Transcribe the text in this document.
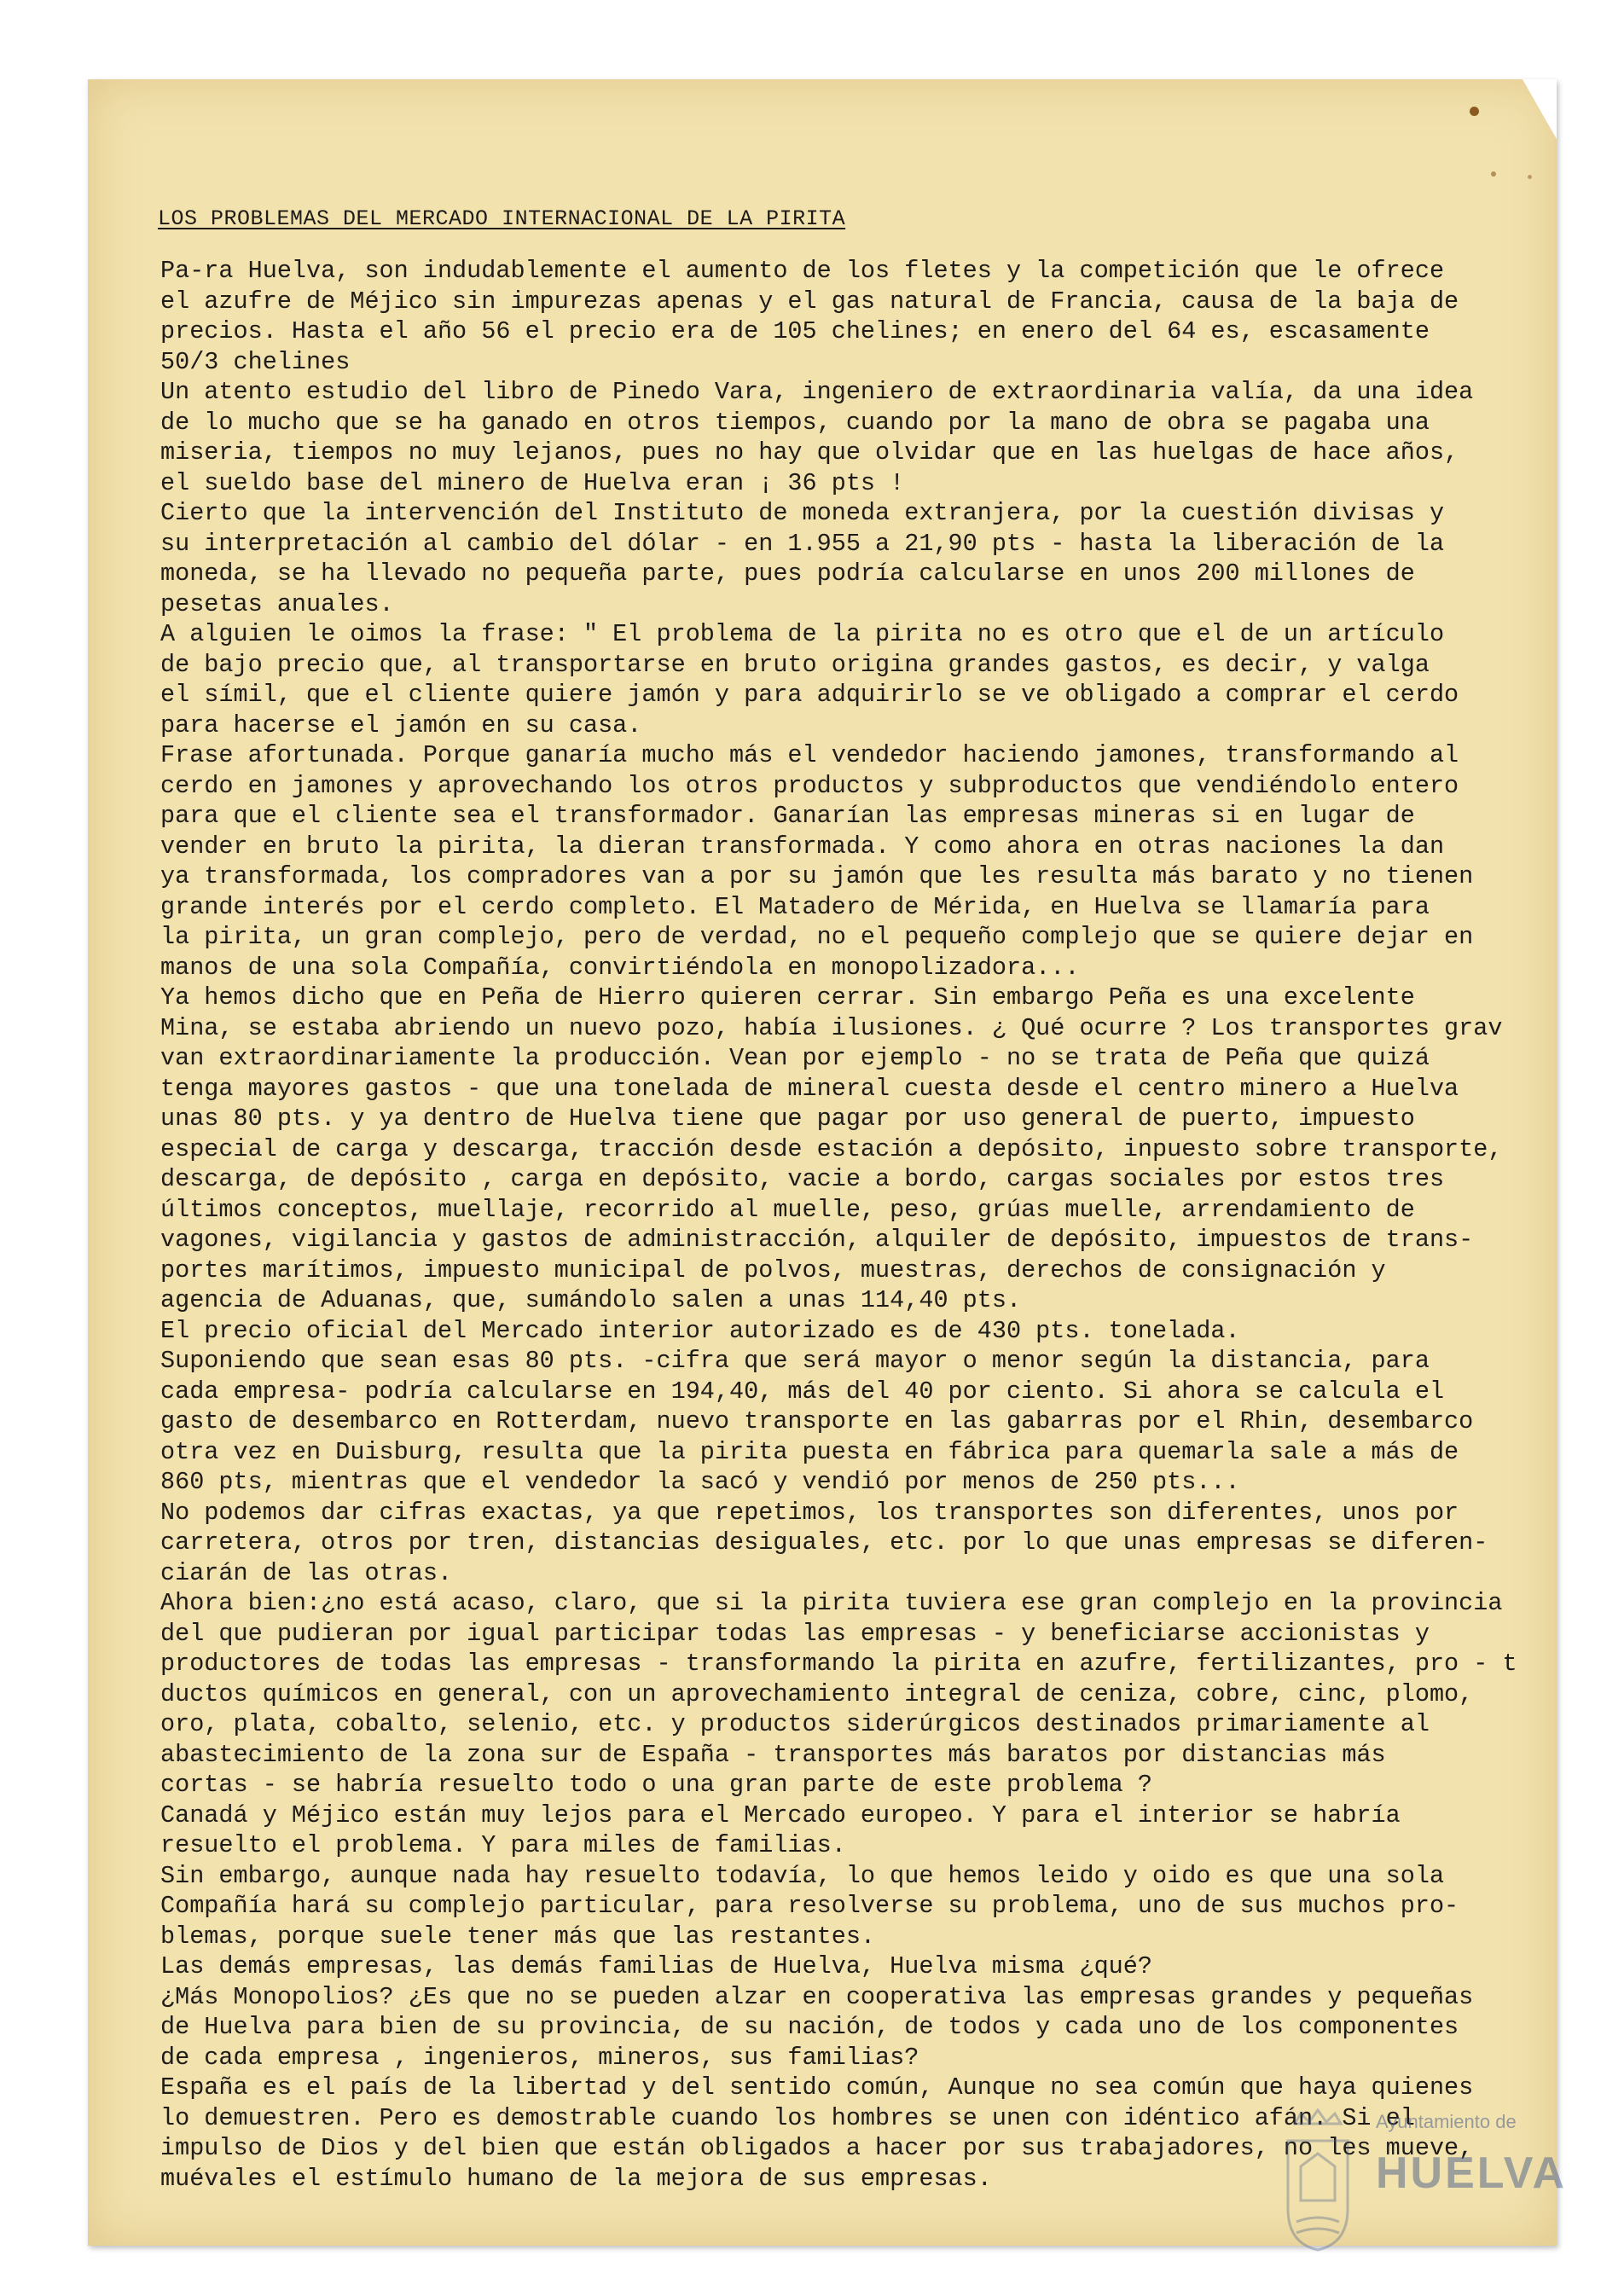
LOS PROBLEMAS DEL MERCADO INTERNACIONAL DE LA PIRITA
Pa-ra Huelva, son indudablemente el aumento de los fletes y la competición que le ofrece
el azufre de Méjico sin impurezas apenas y el gas natural de Francia, causa de la baja de
precios. Hasta el año 56 el precio era de 105 chelines; en enero del 64 es, escasamente
50/3 chelines
Un atento estudio del libro de Pinedo Vara, ingeniero de extraordinaria valía, da una idea
de lo mucho que se ha ganado en otros tiempos, cuando por la mano de obra se pagaba una
miseria, tiempos no muy lejanos, pues no hay que olvidar que en las huelgas de hace años,
el sueldo base del minero de Huelva eran ¡ 36 pts !
Cierto que la intervención del Instituto de moneda extranjera, por la cuestión divisas y
su interpretación al cambio del dólar - en 1.955 a 21,90 pts - hasta la liberación de la
moneda, se ha llevado no pequeña parte, pues podría calcularse en unos 200 millones de
pesetas anuales.
A alguien le oimos la frase: " El problema de la pirita no es otro que el de un artículo
de bajo precio que, al transportarse en bruto origina grandes gastos, es decir, y valga
el símil, que el cliente quiere jamón y para adquirirlo se ve obligado a comprar el cerdo
para hacerse el jamón en su casa.
Frase afortunada. Porque ganaría mucho más el vendedor haciendo jamones, transformando al
cerdo en jamones y aprovechando los otros productos y subproductos que vendiéndolo entero
para que el cliente sea el transformador. Ganarían las empresas mineras si en lugar de
vender en bruto la pirita, la dieran transformada. Y como ahora en otras naciones la dan
ya transformada, los compradores van a por su jamón que les resulta más barato y no tienen
grande interés por el cerdo completo. El Matadero de Mérida, en Huelva se llamaría para
la pirita, un gran complejo, pero de verdad, no el pequeño complejo que se quiere dejar en
manos de una sola Compañía, convirtiéndola en monopolizadora...
Ya hemos dicho que en Peña de Hierro quieren cerrar. Sin embargo Peña es una excelente
Mina, se estaba abriendo un nuevo pozo, había ilusiones. ¿ Qué ocurre ? Los transportes grav
van extraordinariamente la producción. Vean por ejemplo - no se trata de Peña que quizá
tenga mayores gastos - que una tonelada de mineral cuesta desde el centro minero a Huelva
unas 80 pts. y ya dentro de Huelva tiene que pagar por uso general de puerto, impuesto
especial de carga y descarga, tracción desde estación a depósito, inpuesto sobre transporte,
descarga, de depósito , carga en depósito, vacie a bordo, cargas sociales por estos tres
últimos conceptos, muellaje, recorrido al muelle, peso, grúas muelle, arrendamiento de
vagones, vigilancia y gastos de administracción, alquiler de depósito, impuestos de trans-
portes marítimos, impuesto municipal de polvos, muestras, derechos de consignación y
agencia de Aduanas, que, sumándolo salen a unas 114,40 pts.
El precio oficial del Mercado interior autorizado es de 430 pts. tonelada.
Suponiendo que sean esas 80 pts. -cifra que será mayor o menor según la distancia, para
cada empresa- podría calcularse en 194,40, más del 40 por ciento. Si ahora se calcula el
gasto de desembarco en Rotterdam, nuevo transporte en las gabarras por el Rhin, desembarco
otra vez en Duisburg, resulta que la pirita puesta en fábrica para quemarla sale a más de
860 pts, mientras que el vendedor la sacó y vendió por menos de 250 pts...
No podemos dar cifras exactas, ya que repetimos, los transportes son diferentes, unos por
carretera, otros por tren, distancias desiguales, etc. por lo que unas empresas se diferen-
ciarán de las otras.
Ahora bien:¿no está acaso, claro, que si la pirita tuviera ese gran complejo en la provincia
del que pudieran por igual participar todas las empresas - y beneficiarse accionistas y
productores de todas las empresas - transformando la pirita en azufre, fertilizantes, pro - t
ductos químicos en general, con un aprovechamiento integral de ceniza, cobre, cinc, plomo,
oro, plata, cobalto, selenio, etc. y productos siderúrgicos destinados primariamente al
abastecimiento de la zona sur de España - transportes más baratos por distancias más
cortas - se habría resuelto todo o una gran parte de este problema ?
Canadá y Méjico están muy lejos para el Mercado europeo. Y para el interior se habría
resuelto el problema. Y para miles de familias.
Sin embargo, aunque nada hay resuelto todavía, lo que hemos leido y oido es que una sola
Compañía hará su complejo particular, para resolverse su problema, uno de sus muchos pro-
blemas, porque suele tener más que las restantes.
Las demás empresas, las demás familias de Huelva, Huelva misma ¿qué?
¿Más Monopolios? ¿Es que no se pueden alzar en cooperativa las empresas grandes y pequeñas
de Huelva para bien de su provincia, de su nación, de todos y cada uno de los componentes
de cada empresa , ingenieros, mineros, sus familias?
España es el país de la libertad y del sentido común, Aunque no sea común que haya quienes
lo demuestren. Pero es demostrable cuando los hombres se unen con idéntico afán. Si el
impulso de Dios y del bien que están obligados a hacer por sus trabajadores, no les mueve,
muévales el estímulo humano de la mejora de sus empresas.
Ayuntamiento de
HUELVA
